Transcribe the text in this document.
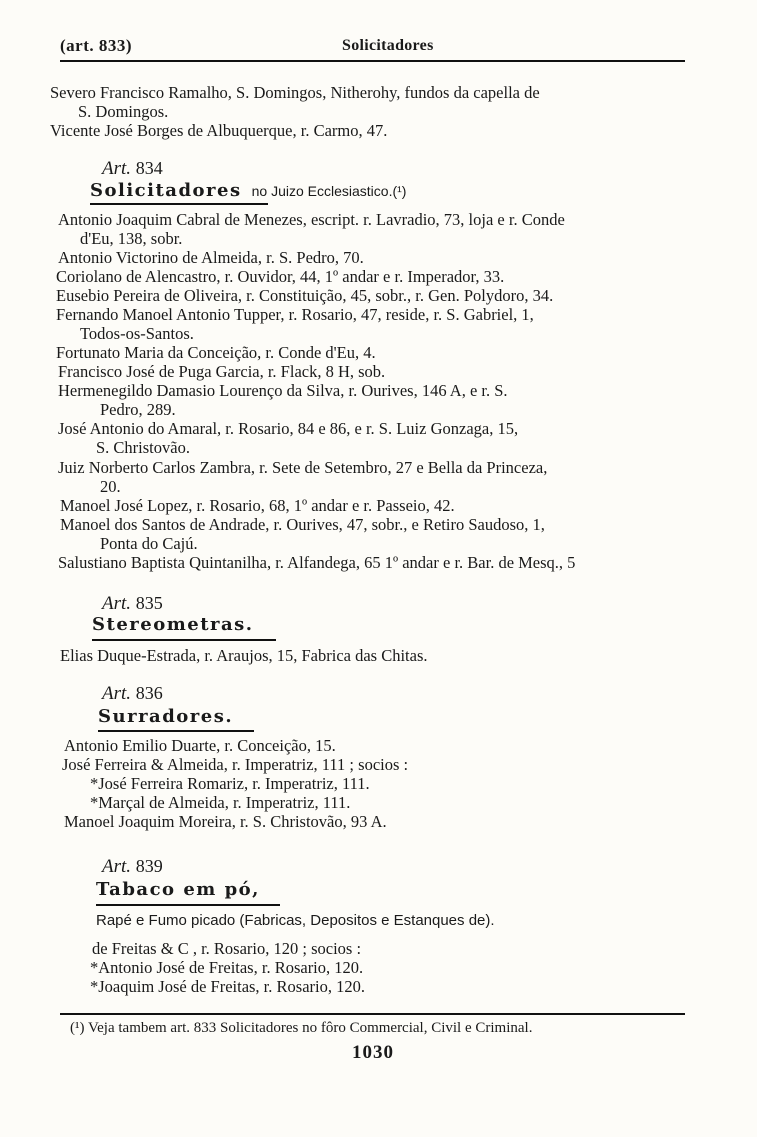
(art. 833)	Solicitadores
Severo Francisco Ramalho, S. Domingos, Nitherohy, fundos da capella de
S. Domingos.
Vicente José Borges de Albuquerque, r. Carmo, 47.
Art. 834
Solicitadores no Juizo Ecclesiastico.(¹)
Antonio Joaquim Cabral de Menezes, escript. r. Lavradio, 73, loja e r. Conde
d'Eu, 138, sobr.
Antonio Victorino de Almeida, r. S. Pedro, 70.
Coriolano de Alencastro, r. Ouvidor, 44, 1º andar e r. Imperador, 33.
Eusebio Pereira de Oliveira, r. Constituição, 45, sobr., r. Gen. Polydoro, 34.
Fernando Manoel Antonio Tupper, r. Rosario, 47, reside, r. S. Gabriel, 1,
Todos-os-Santos.
Fortunato Maria da Conceição, r. Conde d'Eu, 4.
Francisco José de Puga Garcia, r. Flack, 8 H, sob.
Hermenegildo Damasio Lourenço da Silva, r. Ourives, 146 A, e r. S.
Pedro, 289.
José Antonio do Amaral, r. Rosario, 84 e 86, e r. S. Luiz Gonzaga, 15,
S. Christovão.
Juiz Norberto Carlos Zambra, r. Sete de Setembro, 27 e Bella da Princeza,
20.
Manoel José Lopez, r. Rosario, 68, 1º andar e r. Passeio, 42.
Manoel dos Santos de Andrade, r. Ourives, 47, sobr., e Retiro Saudoso, 1,
Ponta do Cajú.
Salustiano Baptista Quintanilha, r. Alfandega, 65 1º andar e r. Bar. de Mesq., 5
Art. 835
Stereometras.
Elias Duque-Estrada, r. Araujos, 15, Fabrica das Chitas.
Art. 836
Surradores.
Antonio Emilio Duarte, r. Conceição, 15.
José Ferreira & Almeida, r. Imperatriz, 111 ; socios :
*José Ferreira Romariz, r. Imperatriz, 111.
*Marçal de Almeida, r. Imperatriz, 111.
Manoel Joaquim Moreira, r. S. Christovão, 93 A.
Art. 839
Tabaco em pó,
Rapé e Fumo picado (Fabricas, Depositos e Estanques de).
de Freitas & C , r. Rosario, 120 ; socios :
*Antonio José de Freitas, r. Rosario, 120.
*Joaquim José de Freitas, r. Rosario, 120.
(¹) Veja tambem art. 833 Solicitadores no fôro Commercial, Civil e Criminal.
1030
